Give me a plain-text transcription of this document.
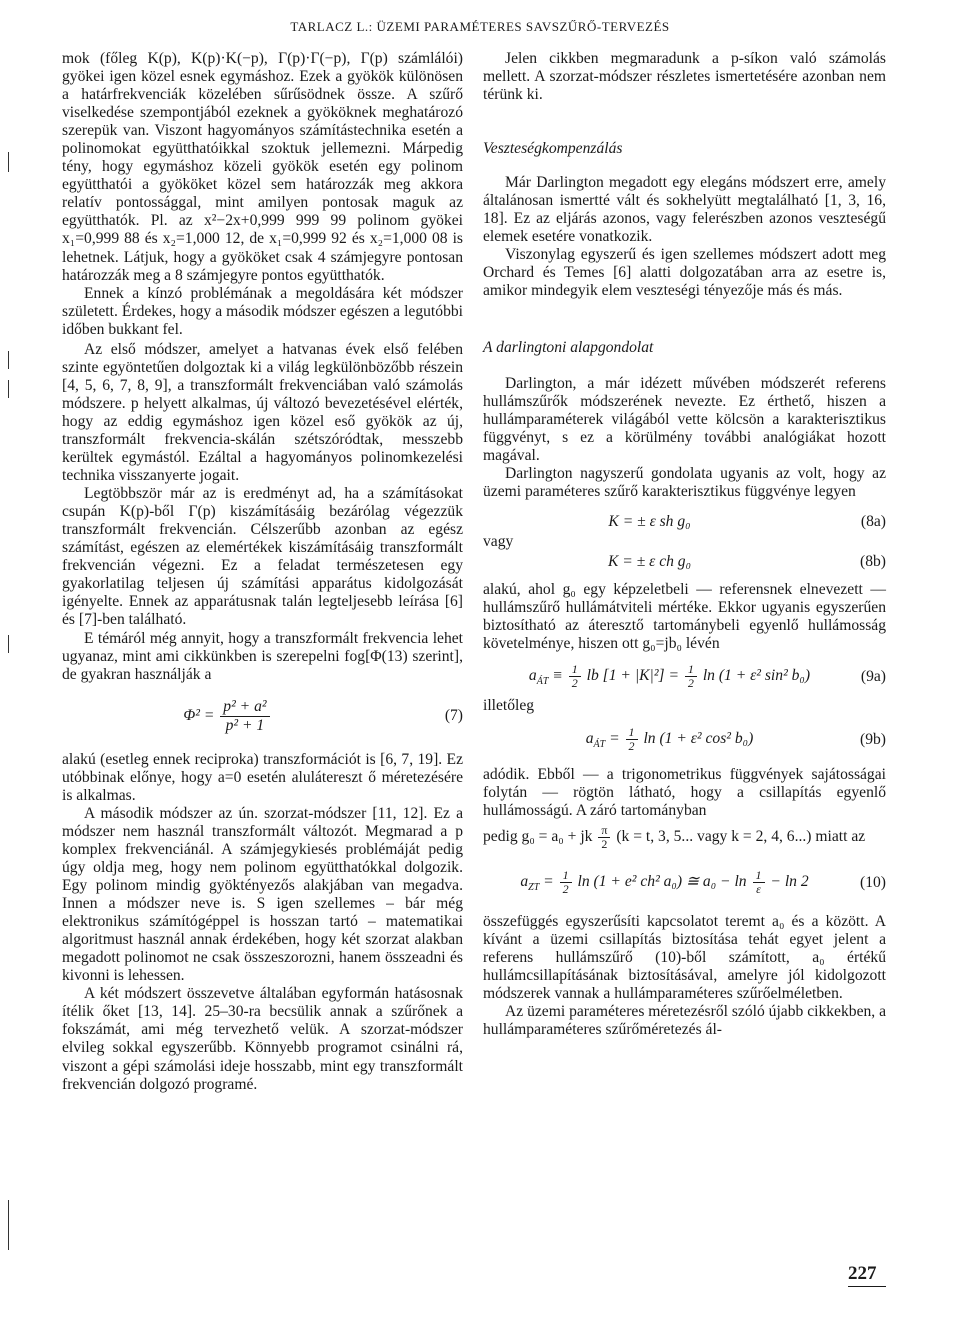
TARLACZ L.: ÜZEMI PARAMÉTERES SAVSZŰRŐ-TERVEZÉS

mok (főleg K(p), K(p)·K(−p), Γ(p)·Γ(−p), Γ(p) számlálói) gyökei igen közel esnek egymáshoz. Ezek a gyökök különösen a határfrekvenciák közelében sűrűsödnek össze. A szűrő viselkedése szempontjából ezeknek a gyököknek meghatározó szerepük van. Viszont hagyományos számítástechnika esetén a polinomokat együtthatóikkal szoktuk jellemezni. Márpedig tény, hogy egymáshoz közeli gyökök esetén egy polinom együtthatói a gyököket közel sem határozzák meg akkora relatív pontossággal, mint amilyen pontosak maguk az együtthatók. Pl. az x²−2x+0,999 999 99 polinom gyökei x₁=0,999 88 és x₂=1,000 12, de x₁=0,999 92 és x₂=1,000 08 is lehetnek. Látjuk, hogy a gyököket csak 4 számjegyre pontosan határozzák meg a 8 számjegyre pontos együtthatók.

Ennek a kínzó problémának a megoldására két módszer született. Érdekes, hogy a második módszer egészen a legutóbbi időben bukkant fel.

Az első módszer, amelyet a hatvanas évek első felében szinte egyöntetűen dolgoztak ki a világ legkülönbözőbb részein [4, 5, 6, 7, 8, 9], a transzformált frekvenciában való számolás módszere. p helyett alkalmas, új változó bevezetésével elérték, hogy az eddig egymáshoz igen közel eső gyökök az új, transzformált frekvencia-skálán szétszóródtak, messzebb kerültek egymástól. Ezáltal a hagyományos polinomkezelési technika visszanyerte jogait.

Legtöbbször már az is eredményt ad, ha a számításokat csupán K(p)-ből Γ(p) kiszámításáig bezárólag végezzük transzformált frekvencián. Célszerűbb azonban az egész számítást, egészen az elemértékek kiszámításáig transzformált frekvencián végezni. Ez a feladat természetesen egy gyakorlatilag teljesen új számítási apparátus kidolgozását igényelte. Ennek az apparátusnak talán legteljesebb leírása [6] és [7]-ben található.

E témáról még annyit, hogy a transzformált frekvencia lehet ugyanaz, mint ami cikkünkben is szerepelni fog[Φ(13) szerint], de gyakran használják a

$\Phi^2 = \frac{\text{p² + a²}}{\text{p² + 1}}$	(7)

alakú (esetleg ennek reciproka) transzformációt is [6, 7, 19]. Ez utóbbinak előnye, hogy a=0 esetén alulátereszt ő méretezésére is alkalmas.

A második módszer az ún. szorzat-módszer [11, 12]. Ez a módszer nem használ transzformált változót. Megmarad a p komplex frekvenciánál. A számjegykiesés problémáját pedig úgy oldja meg, hogy nem polinom együtthatókkal dolgozik. Egy polinom mindig gyöktényezős alakjában van megadva. Innen a módszer neve is. S igen szellemes – bár még elektronikus számítógéppel is hosszan tartó – matematikai algoritmust használ annak érdekében, hogy két szorzat alakban megadott polinomot ne csak összeszorozni, hanem összeadni és kivonni is lehessen.

A két módszert összevetve általában egyformán hatásosnak ítélik őket [13, 14]. 25–30-ra becsülik annak a szűrőnek a fokszámát, ami még tervezhető velük. A szorzat-módszer elvileg sokkal egyszerűbb. Könnyebb programot csinálni rá, viszont a gépi számolási ideje hosszabb, mint egy transzformált frekvencián dolgozó programé.

Jelen cikkben megmaradunk a p-síkon való számolás mellett. A szorzat-módszer részletes ismertetésére azonban nem térünk ki.

Veszteségkompenzálás

Már Darlington megadott egy elegáns módszert erre, amely általánosan ismertté vált és sokhelyütt megtalálható [1, 3, 16, 18]. Ez az eljárás azonos, vagy felerészben azonos veszteségű elemek esetére vonatkozik.

Viszonylag egyszerű és igen szellemes módszert adott meg Orchard és Temes [6] alatti dolgozatában arra az esetre is, amikor mindegyik elem veszteségi tényezője más és más.

A darlingtoni alapgondolat

Darlington, a már idézett művében módszerét referens hullámszűrők módszerének nevezte. Ez érthető, hiszen a hullámparaméterek világából vette kölcsön a karakterisztikus függvényt, s ez a körülmény további analógiákat hozott magával.

Darlington nagyszerű gondolata ugyanis az volt, hogy az üzemi paraméteres szűrő karakterisztikus függvénye legyen

K = ± ε sh g₀	(8a)

vagy

K = ± ε ch g₀	(8b)

alakú, ahol g₀ egy képzeletbeli — referensnek elnevezett — hullámszűrő hullámátviteli mértéke. Ekkor ugyanis egyszerűen biztosítható az áteresztő tartománybeli egyenlő hullámosság követelménye, hiszen ott g₀=jb₀ lévén

$a_{ÁT} \equiv \frac{1}{2}$ lb $[1 + |K|^2] = \frac{1}{2}$ ln (1 + ε² sin² b₀)	(9a)

illetőleg

$a_{ÁT} = \frac{1}{2}$ ln (1 + ε² cos² b₀)	(9b)

adódik. Ebből — a trigonometrikus függvények sajátosságai folytán — rögtön látható, hogy a csillapítás egyenlő hullámosságú. A záró tartományban

pedig g₀ = a₀ + jk $\frac{\pi}{2} (k = t$, 3, 5... vagy k = 2, 4, 6...) miatt az

$a_{ZT} = \frac{1}{2}$ ln (1 + e² ch² a₀) ≅ $a_0 - \ln \frac{1}{\varepsilon} - \ln 2$	(10)

összefüggés egyszerűsíti kapcsolatot teremt a₀ és a között. A kívánt a üzemi csillapítás biztosítása tehát egyet jelent a referens hullámszűrő (10)-ből számított, a₀ értékű hullámcsillapításának biztosításával, amelyre jól kidolgozott módszerek vannak a hullámparaméteres szűrőelméletben.

Az üzemi paraméteres méretezésről szóló újabb cikkekben, a hullámparaméteres szűrőméretezés ál-

227
